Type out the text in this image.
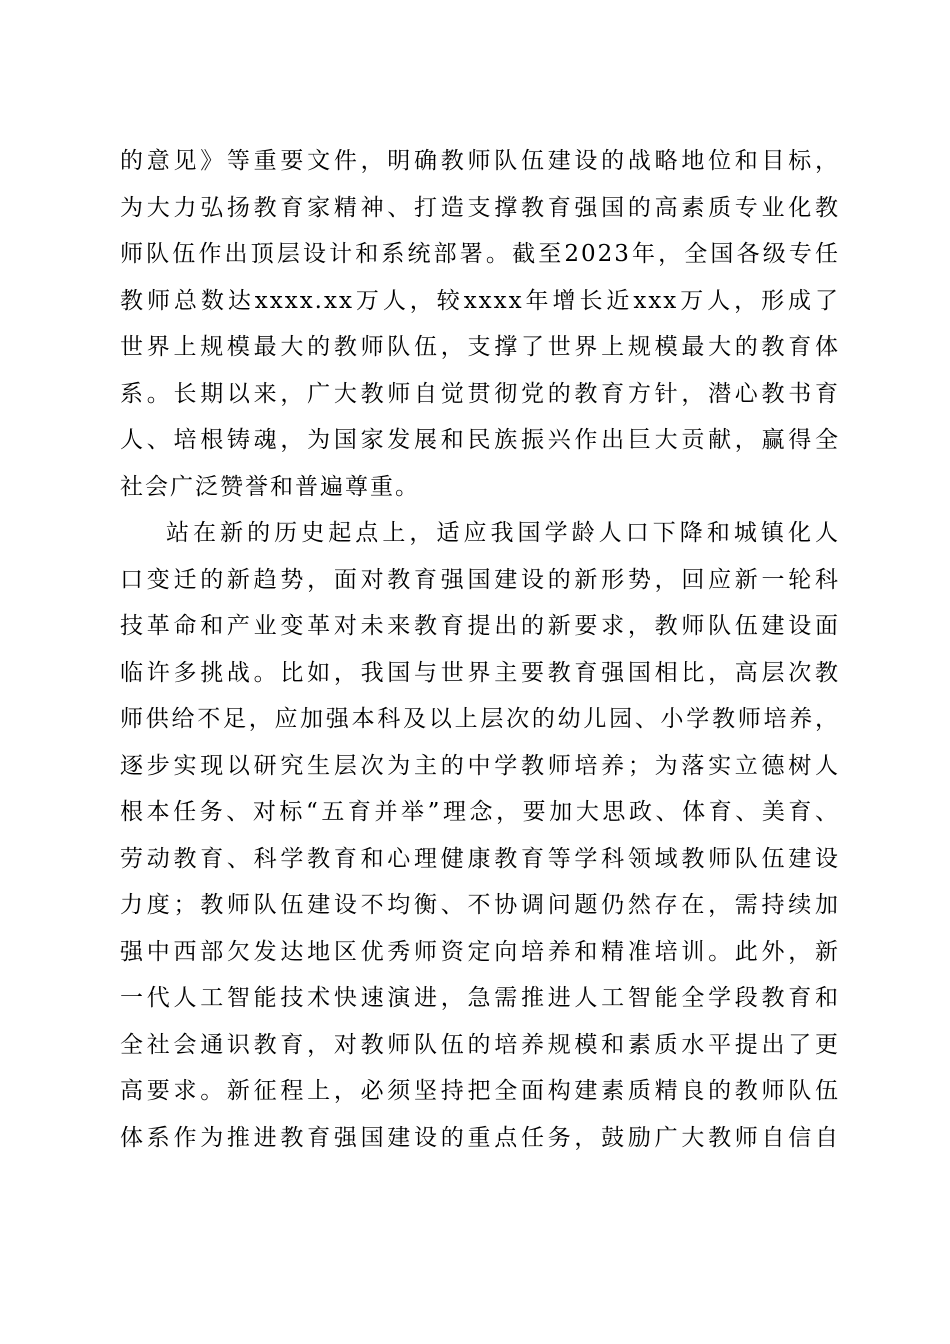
的意见》等重要文件，明确教师队伍建设的战略地位和目标，
为大力弘扬教育家精神、打造支撑教育强国的高素质专业化教
师队伍作出顶层设计和系统部署。截至2023年，全国各级专任
教师总数达xxxx.xx万人，较xxxx年增长近xxx万人，形成了
世界上规模最大的教师队伍，支撑了世界上规模最大的教育体
系。长期以来，广大教师自觉贯彻党的教育方针，潜心教书育
人、培根铸魂，为国家发展和民族振兴作出巨大贡献，赢得全
社会广泛赞誉和普遍尊重。
站在新的历史起点上，适应我国学龄人口下降和城镇化人
口变迁的新趋势，面对教育强国建设的新形势，回应新一轮科
技革命和产业变革对未来教育提出的新要求，教师队伍建设面
临许多挑战。比如，我国与世界主要教育强国相比，高层次教
师供给不足，应加强本科及以上层次的幼儿园、小学教师培养，
逐步实现以研究生层次为主的中学教师培养；为落实立德树人
根本任务、对标“五育并举”理念，要加大思政、体育、美育、
劳动教育、科学教育和心理健康教育等学科领域教师队伍建设
力度；教师队伍建设不均衡、不协调问题仍然存在，需持续加
强中西部欠发达地区优秀师资定向培养和精准培训。此外，新
一代人工智能技术快速演进，急需推进人工智能全学段教育和
全社会通识教育，对教师队伍的培养规模和素质水平提出了更
高要求。新征程上，必须坚持把全面构建素质精良的教师队伍
体系作为推进教育强国建设的重点任务，鼓励广大教师自信自
